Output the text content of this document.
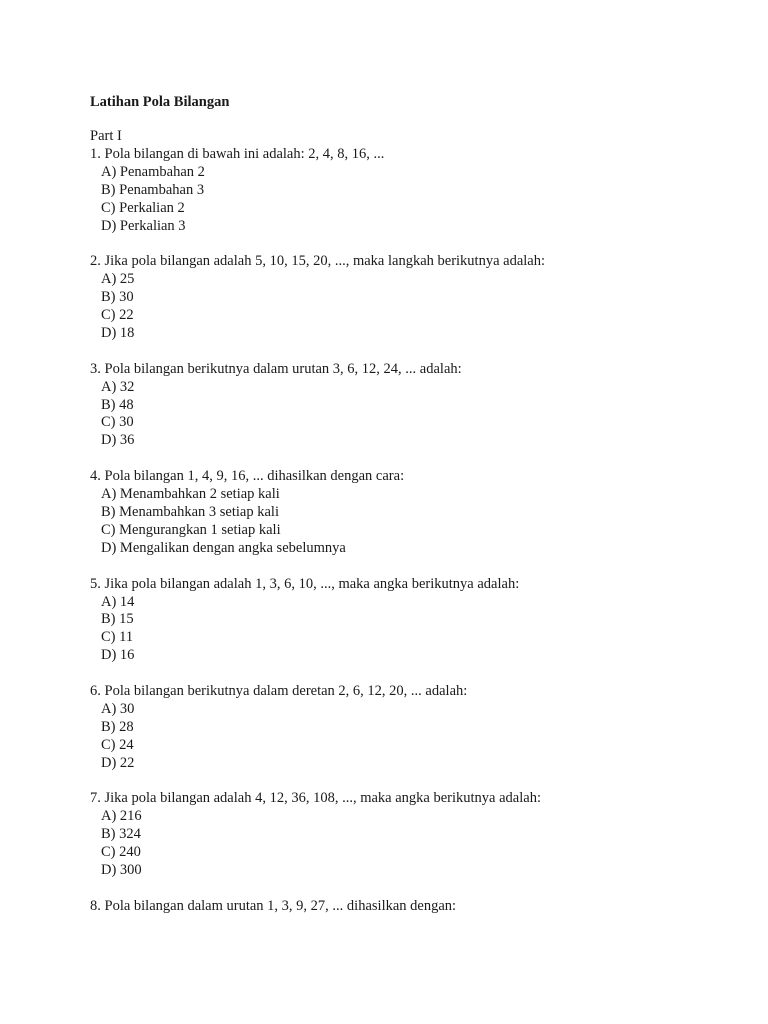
Latihan Pola Bilangan
Part I
1. Pola bilangan di bawah ini adalah: 2, 4, 8, 16, ...
A) Penambahan 2
B) Penambahan 3
C) Perkalian 2
D) Perkalian 3
2. Jika pola bilangan adalah 5, 10, 15, 20, ..., maka langkah berikutnya adalah:
A) 25
B) 30
C) 22
D) 18
3. Pola bilangan berikutnya dalam urutan 3, 6, 12, 24, ... adalah:
A) 32
B) 48
C) 30
D) 36
4. Pola bilangan 1, 4, 9, 16, ... dihasilkan dengan cara:
A) Menambahkan 2 setiap kali
B) Menambahkan 3 setiap kali
C) Mengurangkan 1 setiap kali
D) Mengalikan dengan angka sebelumnya
5. Jika pola bilangan adalah 1, 3, 6, 10, ..., maka angka berikutnya adalah:
A) 14
B) 15
C) 11
D) 16
6. Pola bilangan berikutnya dalam deretan 2, 6, 12, 20, ... adalah:
A) 30
B) 28
C) 24
D) 22
7. Jika pola bilangan adalah 4, 12, 36, 108, ..., maka angka berikutnya adalah:
A) 216
B) 324
C) 240
D) 300
8. Pola bilangan dalam urutan 1, 3, 9, 27, ... dihasilkan dengan:
